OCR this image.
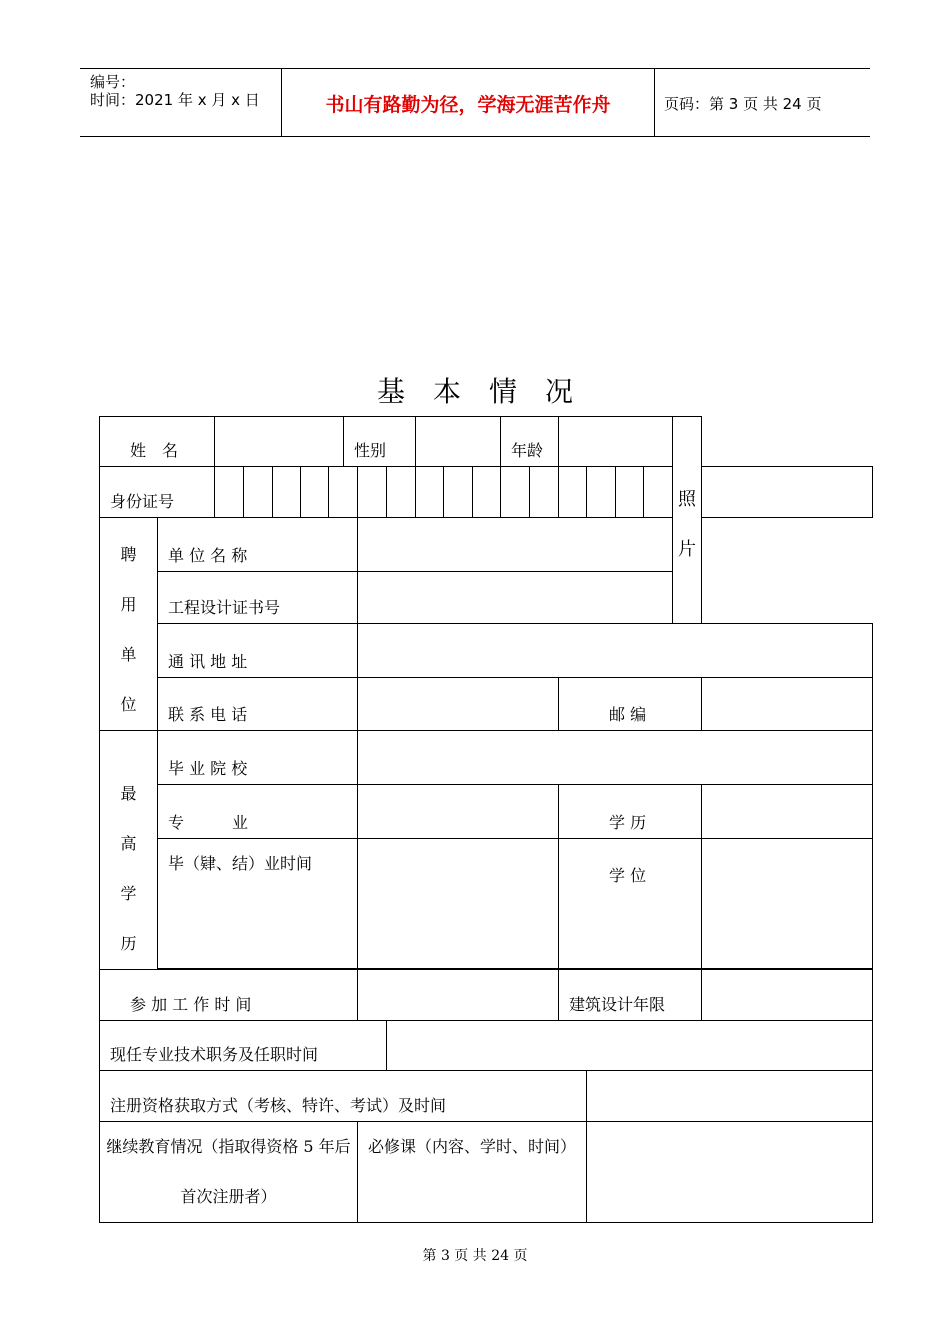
编号：
时间：2021 年 x 月 x 日	书山有路勤为径，学海无涯苦作舟	页码：第 3 页 共 24 页
基 本 情 况
姓　名							性别						年龄						照
片	

身份证号																				

聘
用
单
位	单 位 名 称																			
	工程设计证书号																			
	通 讯 地 址																			
	联 系 电 话														邮 编					

最
高
学
历	毕 业 院 校																			
	专　　　业														学 历					
	毕（肄、结）业时间														学 位					

参 加 工 作 时 间															建筑设计年限					
现任专业技术职务及任职时间																				
注册资格获取方式（考核、特许、考试）及时间																				
继续教育情况（指取得资格 5 年后首次注册者）								必修课（内容、学时、时间）												
第 3 页 共 24 页
